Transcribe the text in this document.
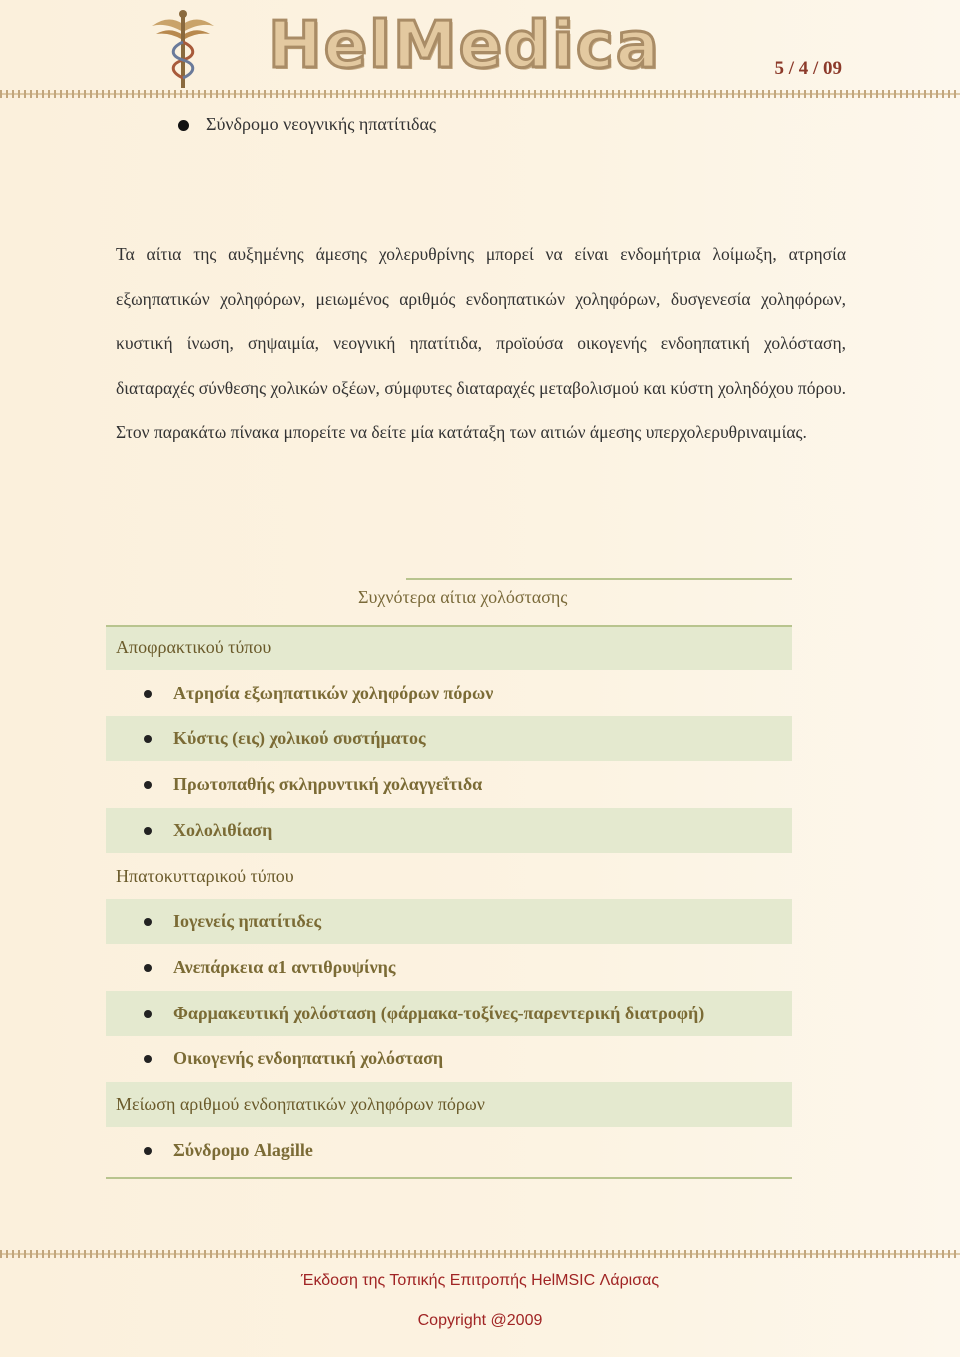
HelMedica	5 / 4 / 09
Σύνδρομο νεογνικής ηπατίτιδας
Τα αίτια της αυξημένης άμεσης χολερυθρίνης μπορεί να είναι ενδομήτρια λοίμωξη, ατρησία εξωηπατικών χοληφόρων, μειωμένος αριθμός ενδοηπατικών χοληφόρων, δυσγενεσία χοληφόρων, κυστική ίνωση, σηψαιμία, νεογνική ηπατίτιδα, προϊούσα οικογενής ενδοηπατική χολόσταση, διαταραχές σύνθεσης χολικών οξέων, σύμφυτες διαταραχές μεταβολισμού και κύστη χοληδόχου πόρου. Στον παρακάτω πίνακα μπορείτε να δείτε μία κατάταξη των αιτιών άμεσης υπερχολερυθριναιμίας.
Συχνότερα αίτια χολόστασης
Αποφρακτικού τύπου
Ατρησία εξωηπατικών χοληφόρων πόρων
Κύστις (εις) χολικού συστήματος
Πρωτοπαθής σκληρυντική χολαγγεΐτιδα
Χολολιθίαση
Ηπατοκυτταρικού τύπου
Ιογενείς ηπατίτιδες
Ανεπάρκεια α1 αντιθρυψίνης
Φαρμακευτική χολόσταση (φάρμακα-τοξίνες-παρεντερική διατροφή)
Οικογενής ενδοηπατική χολόσταση
Μείωση αριθμού ενδοηπατικών χοληφόρων πόρων
Σύνδρομο Alagille
Έκδοση της Τοπικής Επιτροπής HelMSIC Λάρισας
Copyright @2009
